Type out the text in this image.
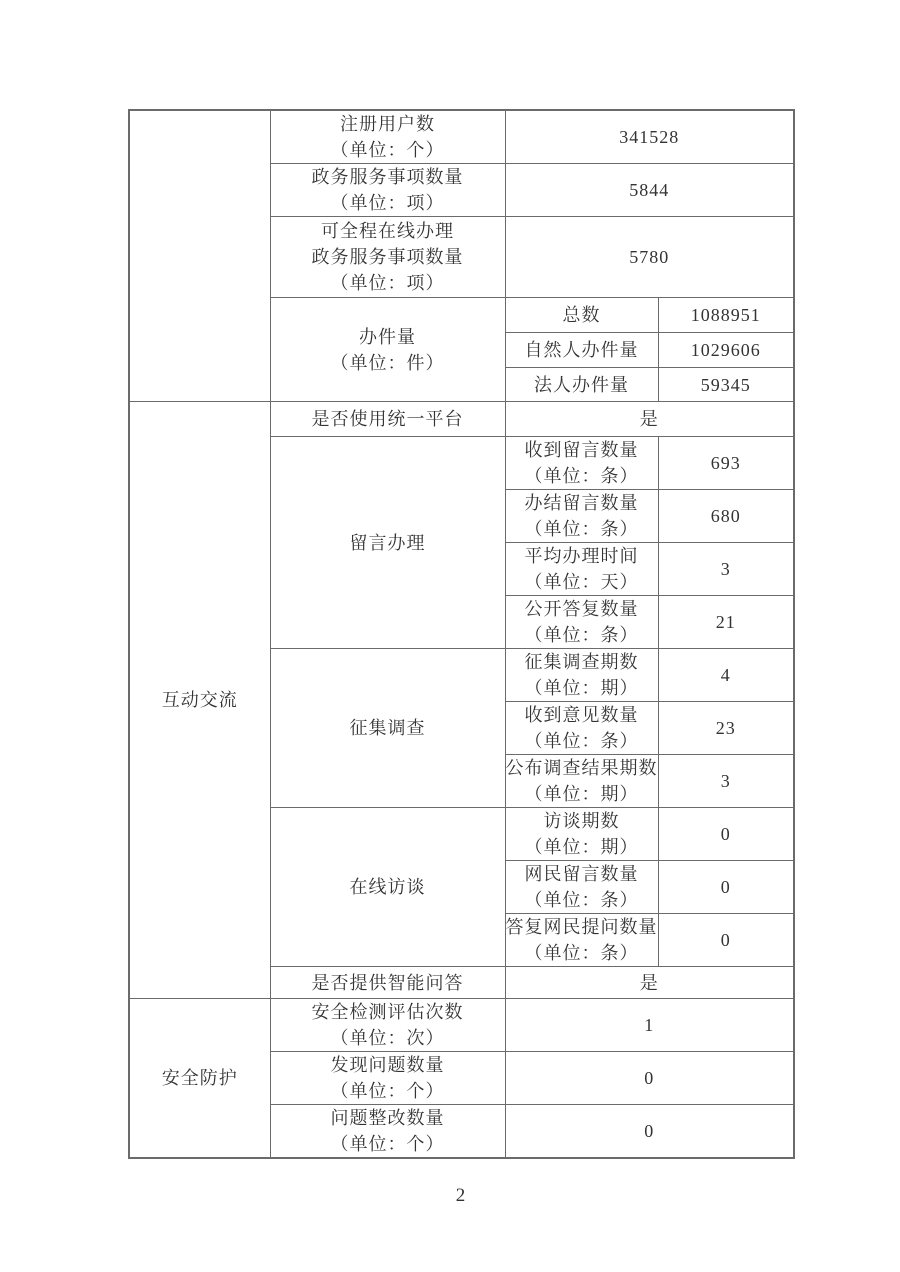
	注册用户数
（单位：个）	341528	

	政务服务事项数量
（单位：项）	5844	

	可全程在线办理
政务服务事项数量
（单位：项）	5780	

	办件量
（单位：件）	总数	1088951
		自然人办件量	1029606
		法人办件量	59345
互动交流	是否使用统一平台	是	
	留言办理	收到留言数量
（单位：条）	693

		办结留言数量
（单位：条）	680

		平均办理时间
（单位：天）	3

		公开答复数量
（单位：条）	21
	征集调查	征集调查期数
（单位：期）	4

		收到意见数量
（单位：条）	23

		公布调查结果期数
（单位：期）	3
	在线访谈	访谈期数
（单位：期）	0

		网民留言数量
（单位：条）	0

		答复网民提问数量
（单位：条）	0
	是否提供智能问答	是	
安全防护	安全检测评估次数
（单位：次）	1	

	发现问题数量
（单位：个）	0	

	问题整改数量
（单位：个）	0	
2
